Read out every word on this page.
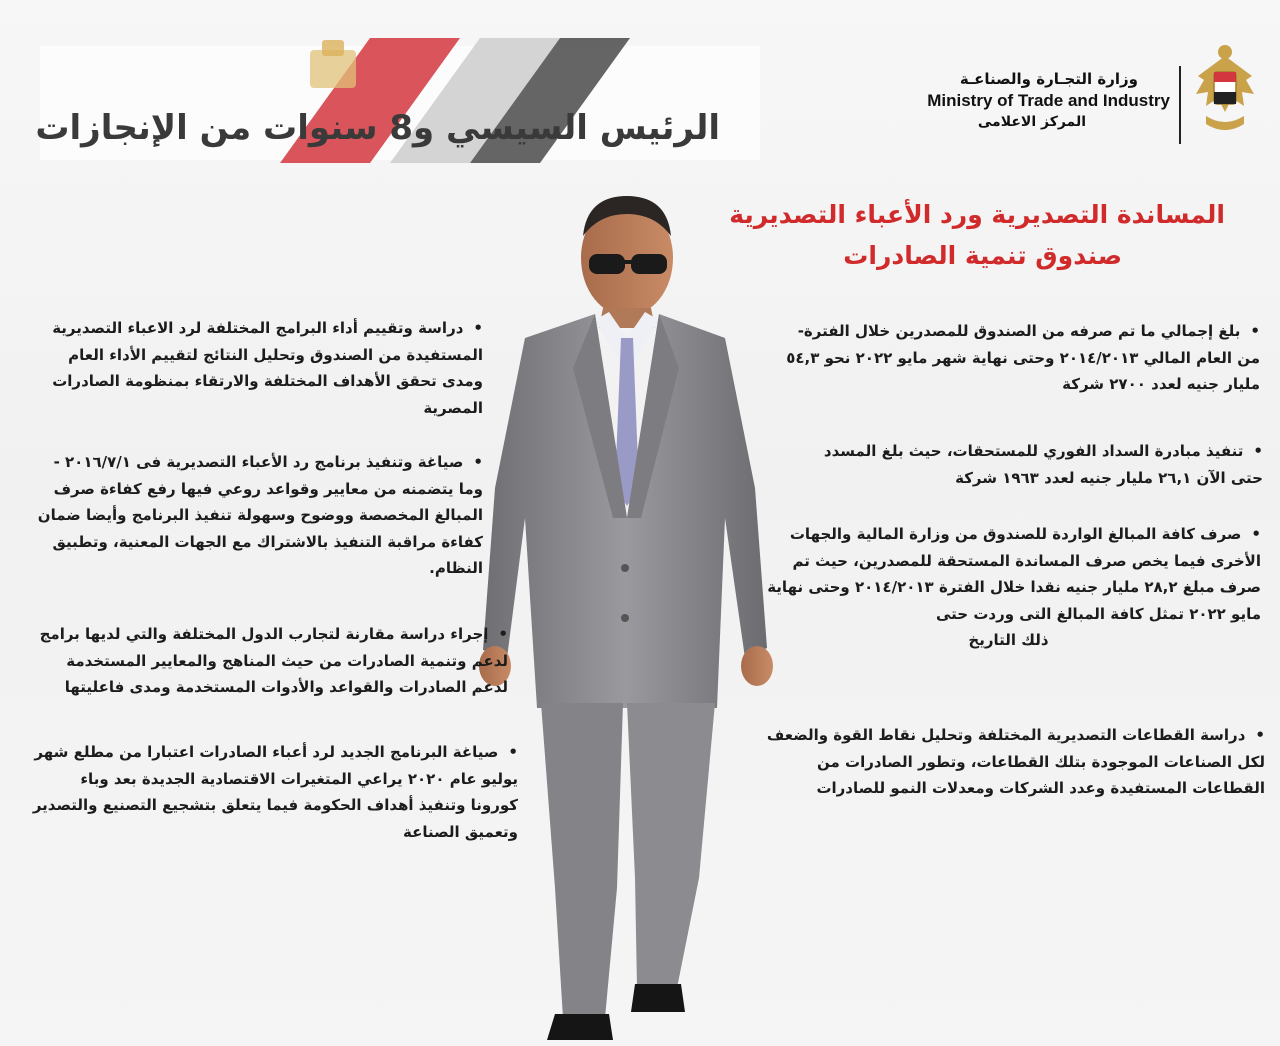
الرئيس السيسي و8 سنوات من الإنجازات
وزارة التجـارة والصناعـة
Ministry of Trade and Industry
المركز الاعلامى
المساندة التصديرية ورد الأعباء التصديرية
صندوق تنمية الصادرات
•دراسة وتقييم أداء البرامج المختلفة لرد الاعباء التصديرية المستفيدة من الصندوق وتحليل النتائج لتقييم الأداء العام ومدى تحقق الأهداف المختلفة والارتقاء بمنظومة الصادرات المصرية
•صياغة وتنفيذ برنامج رد الأعباء التصديرية فى ٢٠١٦/٧/١ - وما يتضمنه من معايير وقواعد روعي فيها رفع كفاءة صرف المبالغ المخصصة ووضوح وسهولة تنفيذ البرنامج وأيضا ضمان كفاءة مراقبة التنفيذ بالاشتراك مع الجهات المعنية، وتطبيق النظام.
•إجراء دراسة مقارنة لتجارب الدول المختلفة والتي لديها برامج لدعم وتنمية الصادرات من حيث المناهج والمعايير المستخدمة لدعم الصادرات والقواعد والأدوات المستخدمة ومدى فاعليتها
•صياغة البرنامج الجديد لرد أعباء الصادرات اعتبارا من مطلع شهر يوليو عام ٢٠٢٠ يراعي المتغيرات الاقتصادية الجديدة بعد وباء كورونا وتنفيذ أهداف الحكومة فيما يتعلق بتشجيع التصنيع والتصدير وتعميق الصناعة
•بلغ إجمالي ما تم صرفه من الصندوق للمصدرين خلال الفترة- من العام المالي ٢٠١٤/٢٠١٣ وحتى نهاية شهر مايو ٢٠٢٢ نحو ٥٤,٣ مليار جنيه لعدد ٢٧٠٠ شركة
•تنفيذ مبادرة السداد الفوري للمستحقات، حيث بلغ المسدد حتى الآن ٢٦,١ مليار جنيه لعدد ١٩٦٣ شركة
•صرف كافة المبالغ الواردة للصندوق من وزارة المالية والجهات الأخرى فيما يخص صرف المساندة المستحقة للمصدرين، حيث تم صرف مبلغ ٢٨,٢ مليار جنيه نقدا خلال الفترة ٢٠١٤/٢٠١٣ وحتى نهاية مايو ٢٠٢٢ تمثل كافة المبالغ التى وردت حتى
ذلك التاريخ
•دراسة القطاعات التصديرية المختلفة وتحليل نقاط القوة والضعف لكل الصناعات الموجودة بتلك القطاعات، وتطور الصادرات من القطاعات المستفيدة وعدد الشركات ومعدلات النمو للصادرات
